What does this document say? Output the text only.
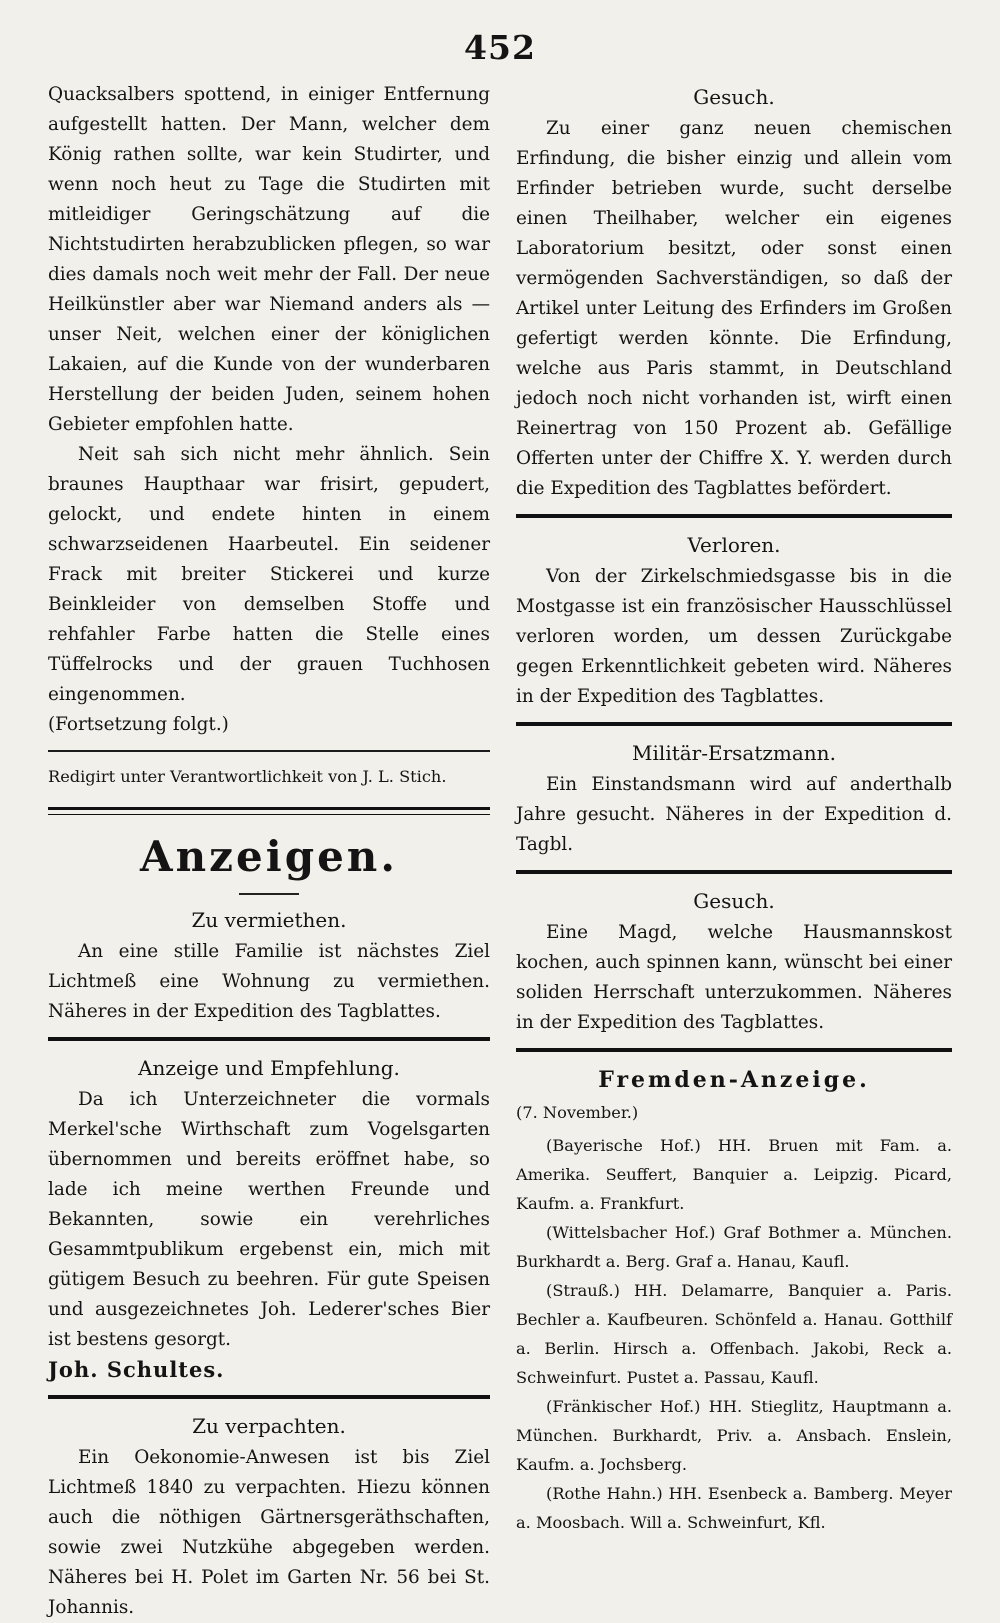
452

Quacksalbers spottend, in einiger Entfernung aufgestellt hatten. Der Mann, welcher dem König rathen sollte, war kein Studirter, und wenn noch heut zu Tage die Studirten mit mitleidiger Geringschätzung auf die Nichtstudirten herabzublicken pflegen, so war dies damals noch weit mehr der Fall. Der neue Heilkünstler aber war Niemand anders als — unser Neit, welchen einer der königlichen Lakaien, auf die Kunde von der wunderbaren Herstellung der beiden Juden, seinem hohen Gebieter empfohlen hatte.

Neit sah sich nicht mehr ähnlich. Sein braunes Haupthaar war frisirt, gepudert, gelockt, und endete hinten in einem schwarzseidenen Haarbeutel. Ein seidener Frack mit breiter Stickerei und kurze Beinkleider von demselben Stoffe und rehfahler Farbe hatten die Stelle eines Tüffelrocks und der grauen Tuchhosen eingenommen.

(Fortsetzung folgt.)

Redigirt unter Verantwortlichkeit von J. L. Stich.

Anzeigen.

Zu vermiethen.

An eine stille Familie ist nächstes Ziel Lichtmeß eine Wohnung zu vermiethen. Näheres in der Expedition des Tagblattes.

Anzeige und Empfehlung.

Da ich Unterzeichneter die vormals Merkel'sche Wirthschaft zum Vogelsgarten übernommen und bereits eröffnet habe, so lade ich meine werthen Freunde und Bekannten, sowie ein verehrliches Gesammtpublikum ergebenst ein, mich mit gütigem Besuch zu beehren. Für gute Speisen und ausgezeichnetes Joh. Lederer'sches Bier ist bestens gesorgt.

Joh. Schultes.

Zu verpachten.

Ein Oekonomie-Anwesen ist bis Ziel Lichtmeß 1840 zu verpachten. Hiezu können auch die nöthigen Gärtnersgeräthschaften, sowie zwei Nutzkühe abgegeben werden. Näheres bei H. Polet im Garten Nr. 56 bei St. Johannis.

Gesuch.

Zu einer ganz neuen chemischen Erfindung, die bisher einzig und allein vom Erfinder betrieben wurde, sucht derselbe einen Theilhaber, welcher ein eigenes Laboratorium besitzt, oder sonst einen vermögenden Sachverständigen, so daß der Artikel unter Leitung des Erfinders im Großen gefertigt werden könnte. Die Erfindung, welche aus Paris stammt, in Deutschland jedoch noch nicht vorhanden ist, wirft einen Reinertrag von 150 Prozent ab. Gefällige Offerten unter der Chiffre X. Y. werden durch die Expedition des Tagblattes befördert.

Verloren.

Von der Zirkelschmiedsgasse bis in die Mostgasse ist ein französischer Hausschlüssel verloren worden, um dessen Zurückgabe gegen Erkenntlichkeit gebeten wird. Näheres in der Expedition des Tagblattes.

Militär-Ersatzmann.

Ein Einstandsmann wird auf anderthalb Jahre gesucht. Näheres in der Expedition d. Tagbl.

Gesuch.

Eine Magd, welche Hausmannskost kochen, auch spinnen kann, wünscht bei einer soliden Herrschaft unterzukommen. Näheres in der Expedition des Tagblattes.

Fremden-Anzeige.

(7. November.)

(Bayerische Hof.) HH. Bruen mit Fam. a. Amerika. Seuffert, Banquier a. Leipzig. Picard, Kaufm. a. Frankfurt.

(Wittelsbacher Hof.) Graf Bothmer a. München. Burkhardt a. Berg. Graf a. Hanau, Kaufl.

(Strauß.) HH. Delamarre, Banquier a. Paris. Bechler a. Kaufbeuren. Schönfeld a. Hanau. Gotthilf a. Berlin. Hirsch a. Offenbach. Jakobi, Reck a. Schweinfurt. Pustet a. Passau, Kaufl.

(Fränkischer Hof.) HH. Stieglitz, Hauptmann a. München. Burkhardt, Priv. a. Ansbach. Enslein, Kaufm. a. Jochsberg.

(Rothe Hahn.) HH. Esenbeck a. Bamberg. Meyer a. Moosbach. Will a. Schweinfurt, Kfl.
